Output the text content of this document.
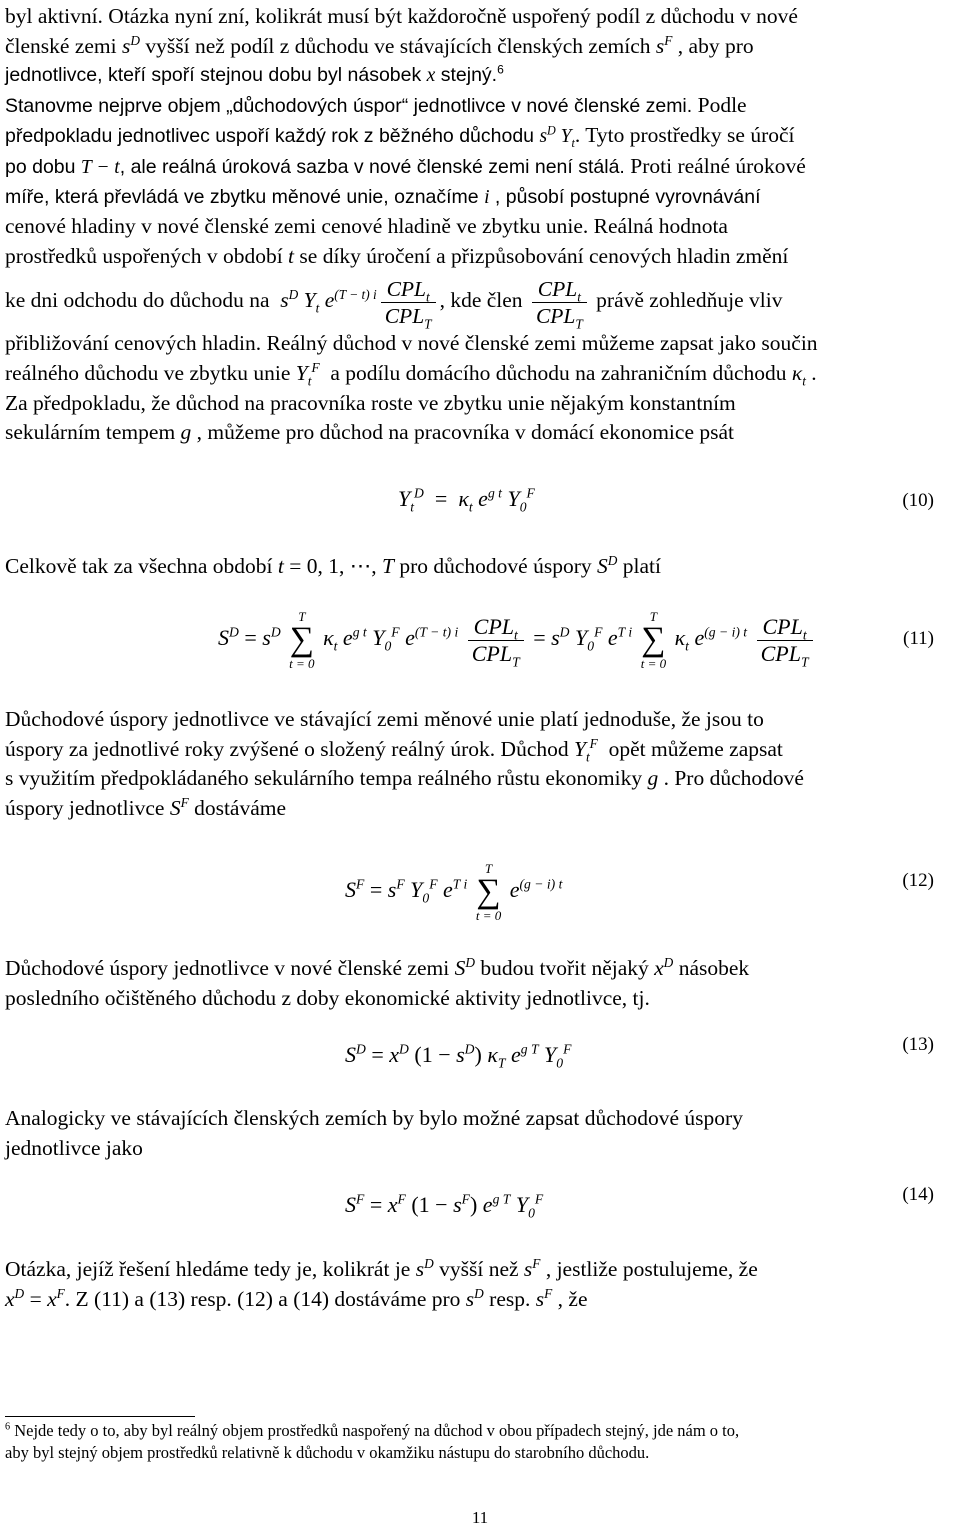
byl aktivní. Otázka nyní zní, kolikrát musí být každoročně uspořený podíl z důchodu v nové
členské zemi $s^D$ vyšší než podíl z důchodu ve stávajících členských zemích $s^F$ , aby pro
jednotlivce, kteří spoří stejnou dobu byl násobek x stejný.$^6$
Stanovme nejprve objem „důchodových úspor“ jednotlivce v nové členské zemi. Podle
předpokladu jednotlivec uspoří každý rok z běžného důchodu $s^D$ $Y_t$. Tyto prostředky se úročí
po dobu T − t, ale reálná úroková sazba v nové členské zemi není stálá. Proti reálné úrokové
míře, která převládá ve zbytku měnové unie, označíme i , působí postupné vyrovnávání
cenové hladiny v nové členské zemi cenové hladině ve zbytku unie. Reálná hodnota
prostředků uspořených v období t se díky úročení a přizpůsobování cenových hladin změní
ke dni odchodu do důchodu na  $s^D$ $Y_t$ $e^{(T - t) i} \frac{CPL_t}{CPL_T}$ , kde člen $\frac{CPL_t}{CPL_T}$ právě zohledňuje vliv
přibližování cenových hladin. Reálný důchod v nové členské zemi můžeme zapsat jako součin
reálného důchodu ve zbytku unie $Y_t^F$  a podílu domácího důchodu na zahraničním důchodu $\kappa_t$ .
Za předpokladu, že důchod na pracovníka roste ve zbytku unie nějakým konstantním
sekulárním tempem g , můžeme pro důchod na pracovníka v domácí ekonomice psát
$Y_t^D = \kappa_t$ $e^{g t}$ $Y_0^F$	(10)
Celkově tak za všechna období t = 0, 1, ⋯, T pro důchodové úspory $S^D$ platí
$S^D = s^D$
T
∑
t = 0
$\kappa_t$ $e^{g t}$ $Y_0^F$ $e^{(T - t) i} \frac{CPL_t}{CPL_T} = s^D$ $Y_0^F$ $e^{T i}$
T
∑
t = 0
$\kappa_t$ $e^{(g - i) t} \frac{CPL_t}{CPL_T}$	(11)
Důchodové úspory jednotlivce ve stávající zemi měnové unie platí jednoduše, že jsou to
úspory za jednotlivé roky zvýšené o složený reálný úrok. Důchod $Y_t^F$  opět můžeme zapsat
s využitím předpokládaného sekulárního tempa reálného růstu ekonomiky g . Pro důchodové
úspory jednotlivce $S^F$ dostáváme
$S^F = s^F$ $Y_0^F$ $e^{T i}$
T
∑
t = 0
$e^{(g - i) t}$	(12)
Důchodové úspory jednotlivce v nové členské zemi $S^D$ budou tvořit nějaký $x^D$ násobek
posledního očištěného důchodu z doby ekonomické aktivity jednotlivce, tj.
$S^D = x^D$ $(1 - s^D)$ $\kappa_T$ $e^{g T}$ $Y_0^F$	(13)
Analogicky ve stávajících členských zemích by bylo možné zapsat důchodové úspory
jednotlivce jako
$S^F = x^F$ $(1 - s^F)$ $e^{g T}$ $Y_0^F$	(14)
Otázka, jejíž řešení hledáme tedy je, kolikrát je $s^D$ vyšší než $s^F$ , jestliže postulujeme, že
$x^D = x^F$. Z (11) a (13) resp. (12) a (14) dostáváme pro $s^D$ resp. $s^F$ , že
$^6$ Nejde tedy o to, aby byl reálný objem prostředků naspořený na důchod v obou případech stejný, jde nám o to,
aby byl stejný objem prostředků relativně k důchodu v okamžiku nástupu do starobního důchodu.
11
